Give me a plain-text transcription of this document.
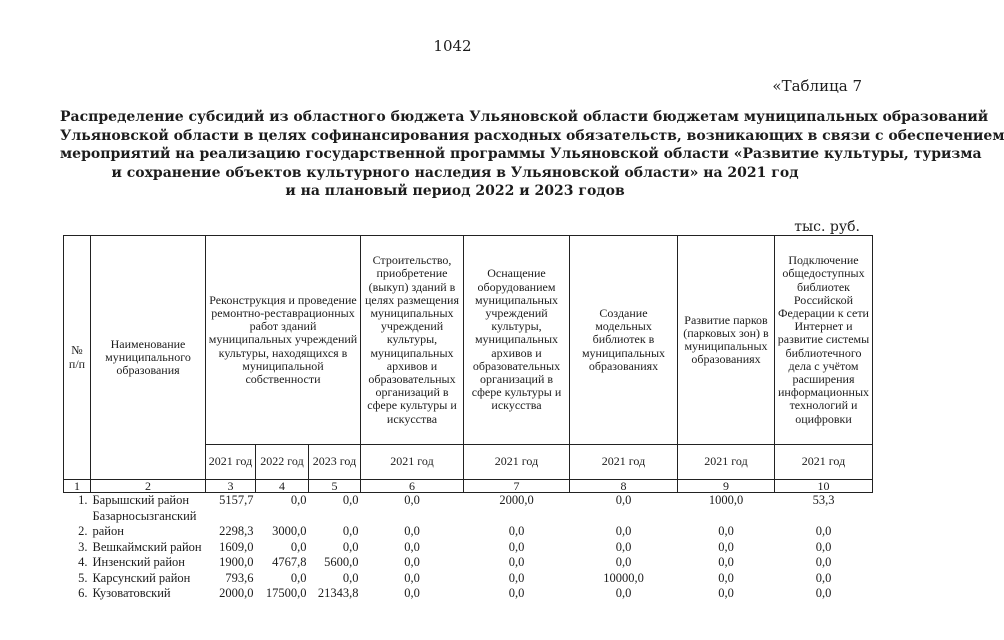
1042
«Таблица 7
Распределение субсидий из областного бюджета Ульяновской области бюджетам муниципальных образований
Ульяновской области в целях софинансирования расходных обязательств, возникающих в связи с обеспечением
мероприятий на реализацию государственной программы Ульяновской области «Развитие культуры, туризма
и сохранение объектов культурного наследия в Ульяновской области» на 2021 год
и на плановый период 2022 и 2023 годов
тыс. руб.
№ п/п	Наименование муниципального образования	Реконструкция и проведение ремонтно-реставрационных работ зданий муниципальных учреждений культуры, находящихся в муниципальной собственности			Строительство, приобретение (выкуп) зданий в целях размещения муниципальных учреждений культуры, муниципальных архивов и образовательных организаций в сфере культуры и искусства	Оснащение оборудованием муниципальных учреждений культуры, муниципальных архивов и образовательных организаций в сфере культуры и искусства	Создание модельных библиотек в муниципальных образованиях	Развитие парков (парковых зон) в муниципальных образованиях	Подключение общедоступных библиотек Российской Федерации к сети Интернет и развитие системы библиотечного дела с учётом расширения информационных технологий и оцифровки
		2021 год	2022 год	2023 год	2021 год	2021 год	2021 год	2021 год	2021 год
1	2	3	4	5	6	7	8	9	10
1.	Барышский район	5157,7	0,0	0,0	0,0	2000,0	0,0	1000,0	53,3
2.	Базарносызганский район	2298,3	3000,0	0,0	0,0	0,0	0,0	0,0	0,0
3.	Вешкаймский район	1609,0	0,0	0,0	0,0	0,0	0,0	0,0	0,0
4.	Инзенский район	1900,0	4767,8	5600,0	0,0	0,0	0,0	0,0	0,0
5.	Карсунский район	793,6	0,0	0,0	0,0	0,0	10000,0	0,0	0,0
6.	Кузоватовский	2000,0	17500,0	21343,8	0,0	0,0	0,0	0,0	0,0
